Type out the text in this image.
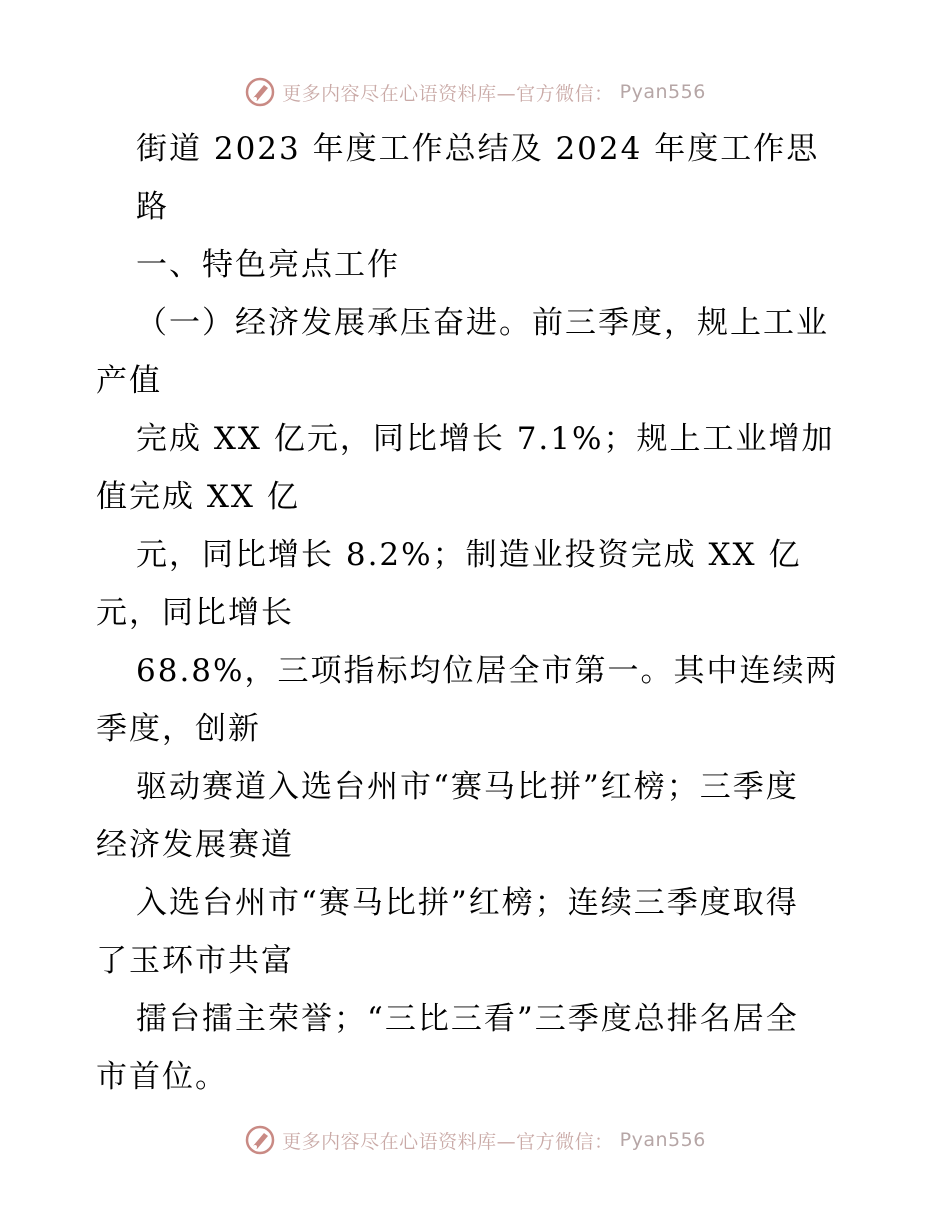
更多内容尽在心语资料库—官方微信： Pyan556
街道 2023 年度工作总结及 2024 年度工作思
路
一、特色亮点工作
（一）经济发展承压奋进。前三季度，规上工业
产值
完成 XX 亿元，同比增长 7.1%；规上工业增加
值完成 XX 亿
元，同比增长 8.2%；制造业投资完成 XX 亿
元，同比增长
68.8%，三项指标均位居全市第一。其中连续两
季度，创新
驱动赛道入选台州市“赛马比拼”红榜；三季度
经济发展赛道
入选台州市“赛马比拼”红榜；连续三季度取得
了玉环市共富
擂台擂主荣誉；“三比三看”三季度总排名居全
市首位。
更多内容尽在心语资料库—官方微信： Pyan556
